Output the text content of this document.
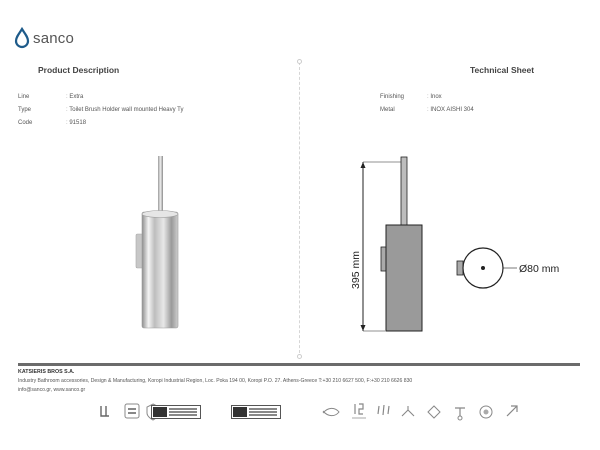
sanco
Product Description	Technical Sheet
Line	: Extra
Type	: Toilet Brush Holder wall mounted Heavy Ty
Code	: 91518
Finishing	: Inox
Metal	: INOX AISHI 304
395 mm	Ø80 mm
KATSIERIS BROS S.A.
Industry Bathroom accessories, Design & Manufacturing, Koropi Industrial Region, Loc. Poka 194 00, Koropi P.O. 27. Athens-Greece T:+30 210 6627 500, F:+30 210 6626 830
info@sanco.gr, www.sanco.gr
